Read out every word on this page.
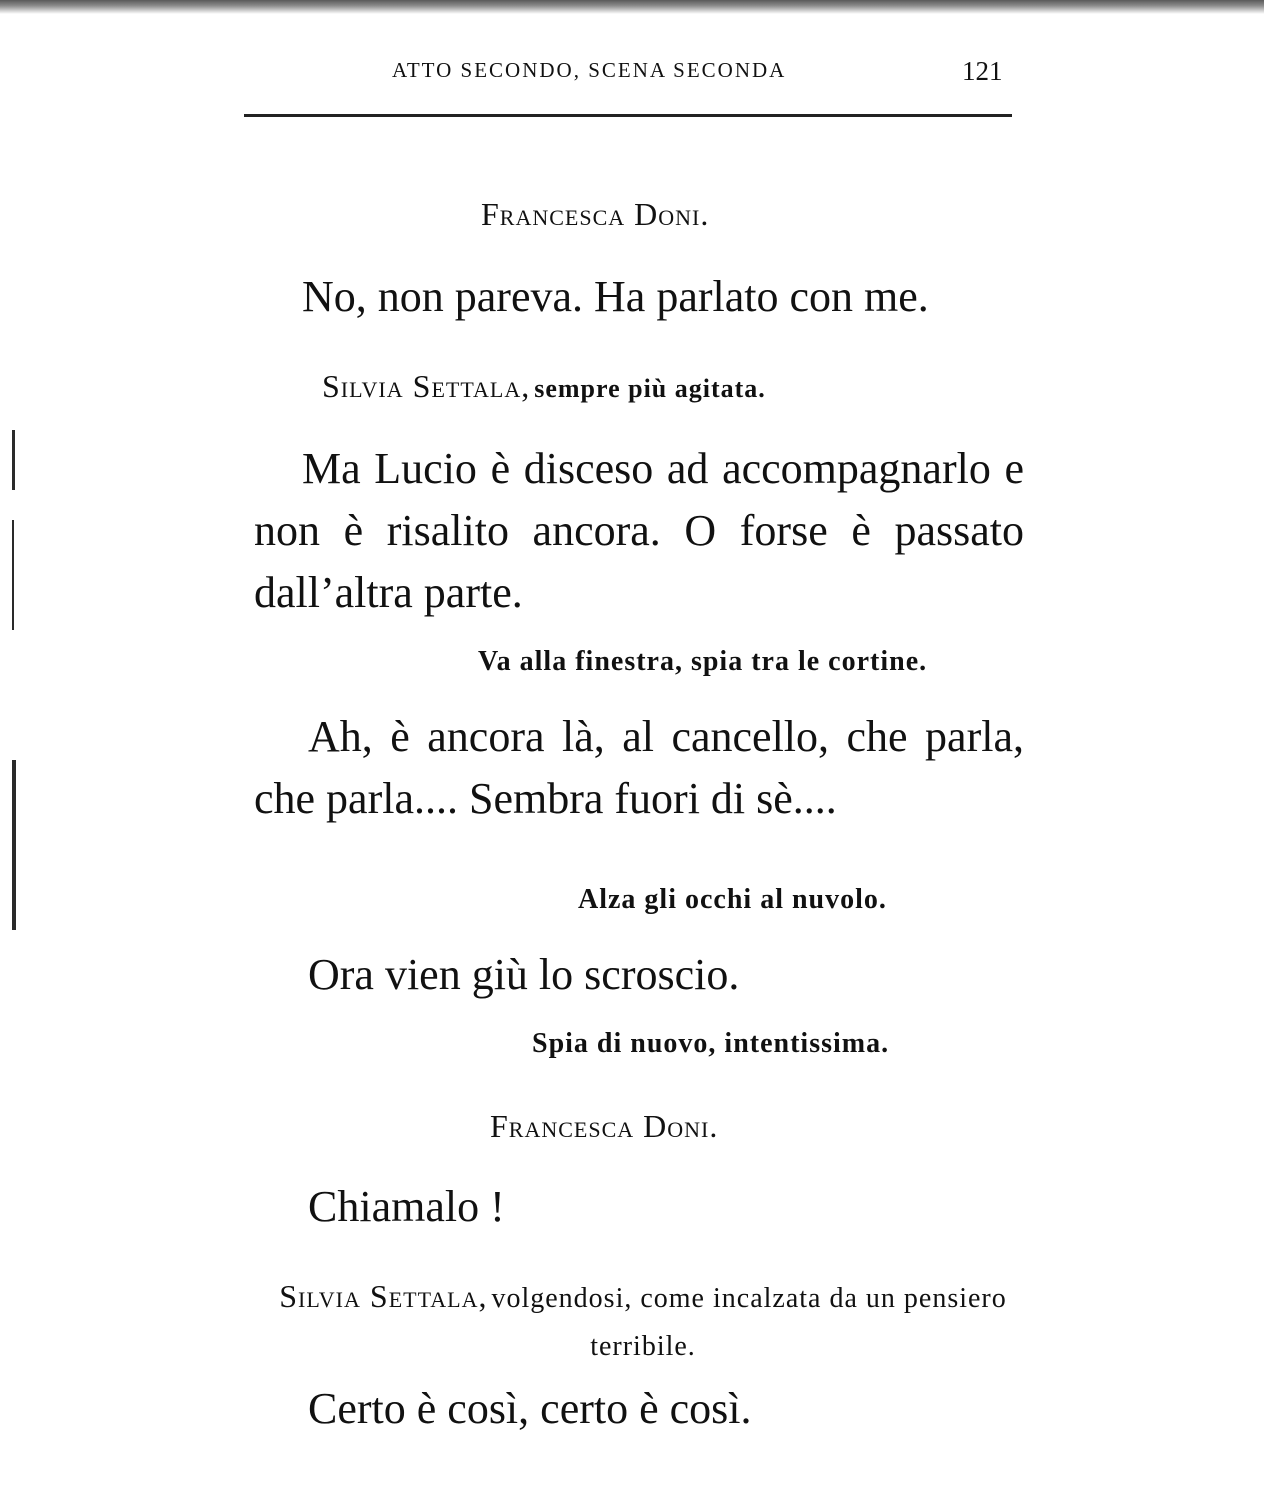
ATTO SECONDO, SCENA SECONDA	121
Francesca Doni.
No, non pareva. Ha parlato con me.
Silvia Settala, sempre più agitata.
Ma Lucio è disceso ad accompagnarlo e non è risalito ancora. O forse è passato dall’altra parte.
Va alla finestra, spia tra le cortine.
Ah, è ancora là, al cancello, che parla, che parla.... Sembra fuori di sè....
Alza gli occhi al nuvolo.
Ora vien giù lo scroscio.
Spia di nuovo, intentissima.
Francesca Doni.
Chiamalo !
Silvia Settala, volgendosi, come incalzata da un pensiero terribile.
Certo è così, certo è così.
